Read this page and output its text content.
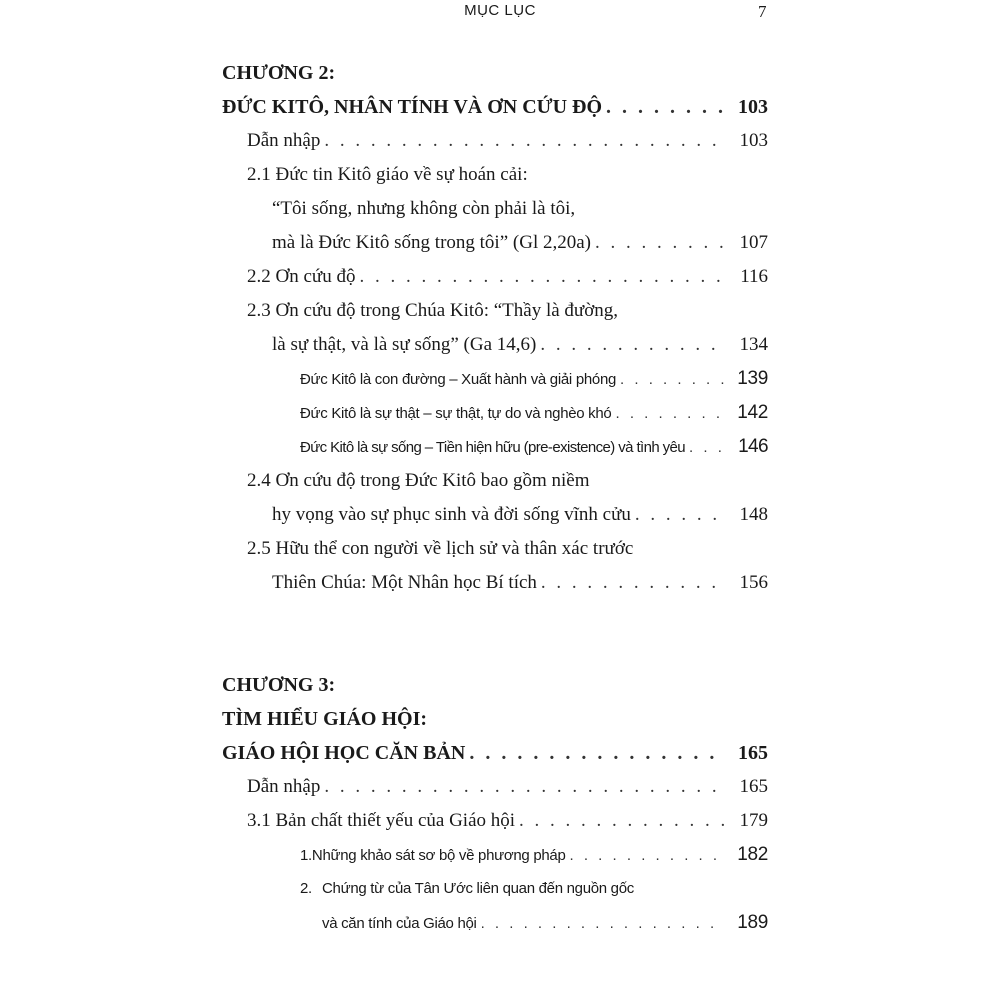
MỤC LỤC	7
CHƯƠNG 2:
ĐỨC KITÔ, NHÂN TÍNH VÀ ƠN CỨU ĐỘ . . .	103
Dẫn nhập . . .	103
2.1 Đức tin Kitô giáo về sự hoán cải:
“Tôi sống, nhưng không còn phải là tôi,
mà là Đức Kitô sống trong tôi” (Gl 2,20a) . . .	107
2.2 Ơn cứu độ . . .	116
2.3 Ơn cứu độ trong Chúa Kitô: “Thầy là đường,
là sự thật, và là sự sống” (Ga 14,6) . . .	134
Đức Kitô là con đường – Xuất hành và giải phóng . . .	139
Đức Kitô là sự thật – sự thật, tự do và nghèo khó . . .	142
Đức Kitô là sự sống – Tiền hiện hữu (pre-existence) và tình yêu . . .	146
2.4 Ơn cứu độ trong Đức Kitô bao gồm niềm
hy vọng vào sự phục sinh và đời sống vĩnh cửu . . .	148
2.5 Hữu thể con người về lịch sử và thân xác trước
Thiên Chúa: Một Nhân học Bí tích . . .	156
CHƯƠNG 3:
TÌM HIỂU GIÁO HỘI:
GIÁO HỘI HỌC CĂN BẢN . . .	165
Dẫn nhập . . .	165
3.1 Bản chất thiết yếu của Giáo hội . . .	179
1. Những khảo sát sơ bộ về phương pháp . . .	182
2. Chứng từ của Tân Ước liên quan đến nguồn gốc
và căn tính của Giáo hội . . .	189
